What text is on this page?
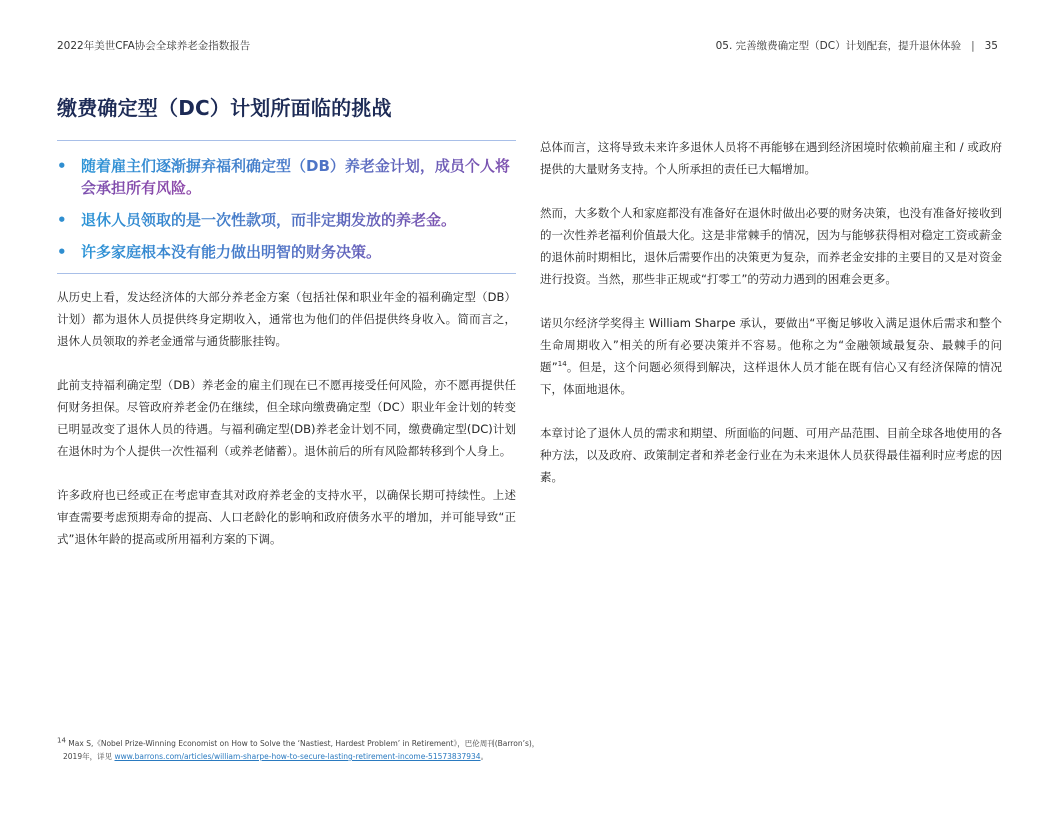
2022年美世CFA协会全球养老金指数报告	05. 完善缴费确定型（DC）计划配套，提升退休体验 | 35
缴费确定型（DC）计划所面临的挑战
• 随着雇主们逐渐摒弃福利确定型（DB）养老金计划，成员个人将
会承担所有风险。
• 退休人员领取的是一次性款项，而非定期发放的养老金。
• 许多家庭根本没有能力做出明智的财务决策。

从历史上看，发达经济体的大部分养老金方案（包括社保和职业年金的福利确定型（DB）计划）都为退休人员提供终身定期收入，通常也为他们的伴侣提供终身收入。简而言之，退休人员领取的养老金通常与通货膨胀挂钩。

此前支持福利确定型（DB）养老金的雇主们现在已不愿再接受任何风险，亦不愿再提供任何财务担保。尽管政府养老金仍在继续，但全球向缴费确定型（DC）职业年金计划的转变已明显改变了退休人员的待遇。与福利确定型(DB)养老金计划不同，缴费确定型(DC)计划在退休时为个人提供一次性福利（或养老储蓄）。退休前后的所有风险都转移到个人身上。

许多政府也已经或正在考虑审查其对政府养老金的支持水平，以确保长期可持续性。上述审查需要考虑预期寿命的提高、人口老龄化的影响和政府债务水平的增加，并可能导致“正式”退休年龄的提高或所用福利方案的下调。

总体而言，这将导致未来许多退休人员将不再能够在遇到经济困境时依赖前雇主和 / 或政府提供的大量财务支持。个人所承担的责任已大幅增加。

然而，大多数个人和家庭都没有准备好在退休时做出必要的财务决策，也没有准备好接收到的一次性养老福利价值最大化。这是非常棘手的情况，因为与能够获得相对稳定工资或薪金的退休前时期相比，退休后需要作出的决策更为复杂，而养老金安排的主要目的又是对资金进行投资。当然，那些非正规或“打零工”的劳动力遇到的困难会更多。

诺贝尔经济学奖得主 William Sharpe 承认，要做出“平衡足够收入满足退休后需求和整个生命周期收入”相关的所有必要决策并不容易。他称之为“金融领域最复杂、最棘手的问题”$^{14}$。但是，这个问题必须得到解决，这样退休人员才能在既有信心又有经济保障的情况下，体面地退休。

本章讨论了退休人员的需求和期望、所面临的问题、可用产品范围、目前全球各地使用的各种方法，以及政府、政策制定者和养老金行业在为未来退休人员获得最佳福利时应考虑的因素。

$^{14}$ Max S,《Nobel Prize-Winning Economist on How to Solve the ‘Nastiest, Hardest Problem’ in Retirement》，巴伦周刊(Barron’s)，
2019年，详见 www.barrons.com/articles/william-sharpe-how-to-secure-lasting-retirement-income-51573837934。
